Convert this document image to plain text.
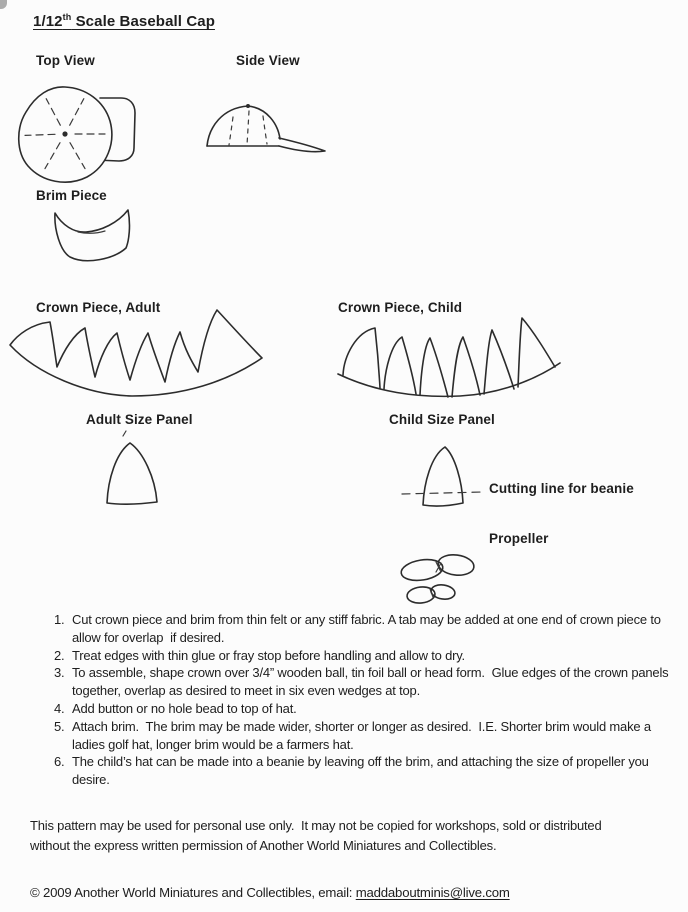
1/12th Scale Baseball Cap
Top View	Side View
Brim Piece
Crown Piece, Adult	Crown Piece, Child
Adult Size Panel	Child Size Panel
Cutting line for beanie
Propeller
1. Cut crown piece and brim from thin felt or any stiff fabric. A tab may be added at one end of crown piece to allow for overlap  if desired.
2. Treat edges with thin glue or fray stop before handling and allow to dry.
3. To assemble, shape crown over 3/4” wooden ball, tin foil ball or head form.  Glue edges of the crown panels together, overlap as desired to meet in six even wedges at top.
4. Add button or no hole bead to top of hat.
5. Attach brim.  The brim may be made wider, shorter or longer as desired.  I.E. Shorter brim would make a ladies golf hat, longer brim would be a farmers hat.
6. The child’s hat can be made into a beanie by leaving off the brim, and attaching the size of propeller you desire.
This pattern may be used for personal use only.  It may not be copied for workshops, sold or distributed without the express written permission of Another World Miniatures and Collectibles.
© 2009 Another World Miniatures and Collectibles, email: maddaboutminis@live.com
